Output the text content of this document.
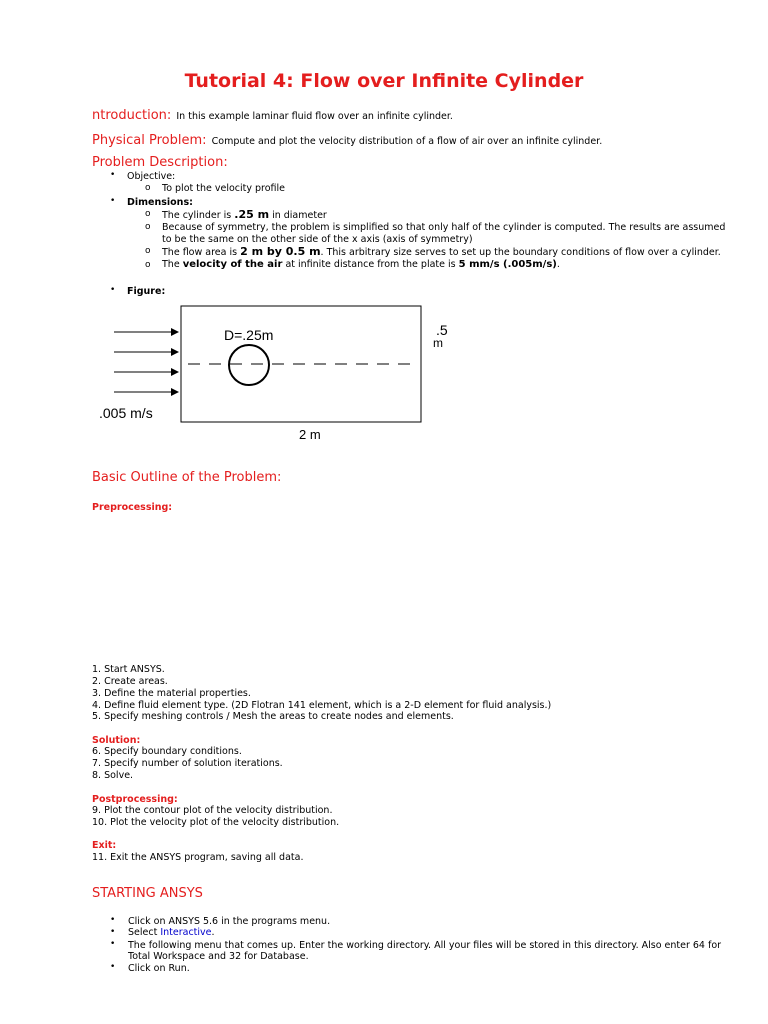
Tutorial 4: Flow over Infinite Cylinder
ntroduction: In this example laminar fluid flow over an infinite cylinder.
Physical Problem: Compute and plot the velocity distribution of a flow of air over an infinite cylinder.
Problem Description:
• Objective:
o To plot the velocity profile
• Dimensions:
o The cylinder is .25 m in diameter
o Because of symmetry, the problem is simplified so that only half of the cylinder is computed. The results are assumed
to be the same on the other side of the x axis (axis of symmetry)
o The flow area is 2 m by 0.5 m. This arbitrary size serves to set up the boundary conditions of flow over a cylinder.
o The velocity of the air at infinite distance from the plate is 5 mm/s (.005m/s).
• Figure:
D=.25m	.5
m
.005 m/s
2 m
Basic Outline of the Problem:
Preprocessing:
1. Start ANSYS.
2. Create areas.
3. Define the material properties.
4. Define fluid element type. (2D Flotran 141 element, which is a 2-D element for fluid analysis.)
5. Specify meshing controls / Mesh the areas to create nodes and elements.
Solution:
6. Specify boundary conditions.
7. Specify number of solution iterations.
8. Solve.
Postprocessing:
9. Plot the contour plot of the velocity distribution.
10. Plot the velocity plot of the velocity distribution.
Exit:
11. Exit the ANSYS program, saving all data.
STARTING ANSYS
• Click on ANSYS 5.6 in the programs menu.
• Select Interactive.
• The following menu that comes up. Enter the working directory. All your files will be stored in this directory. Also enter 64 for
Total Workspace and 32 for Database.
• Click on Run.
